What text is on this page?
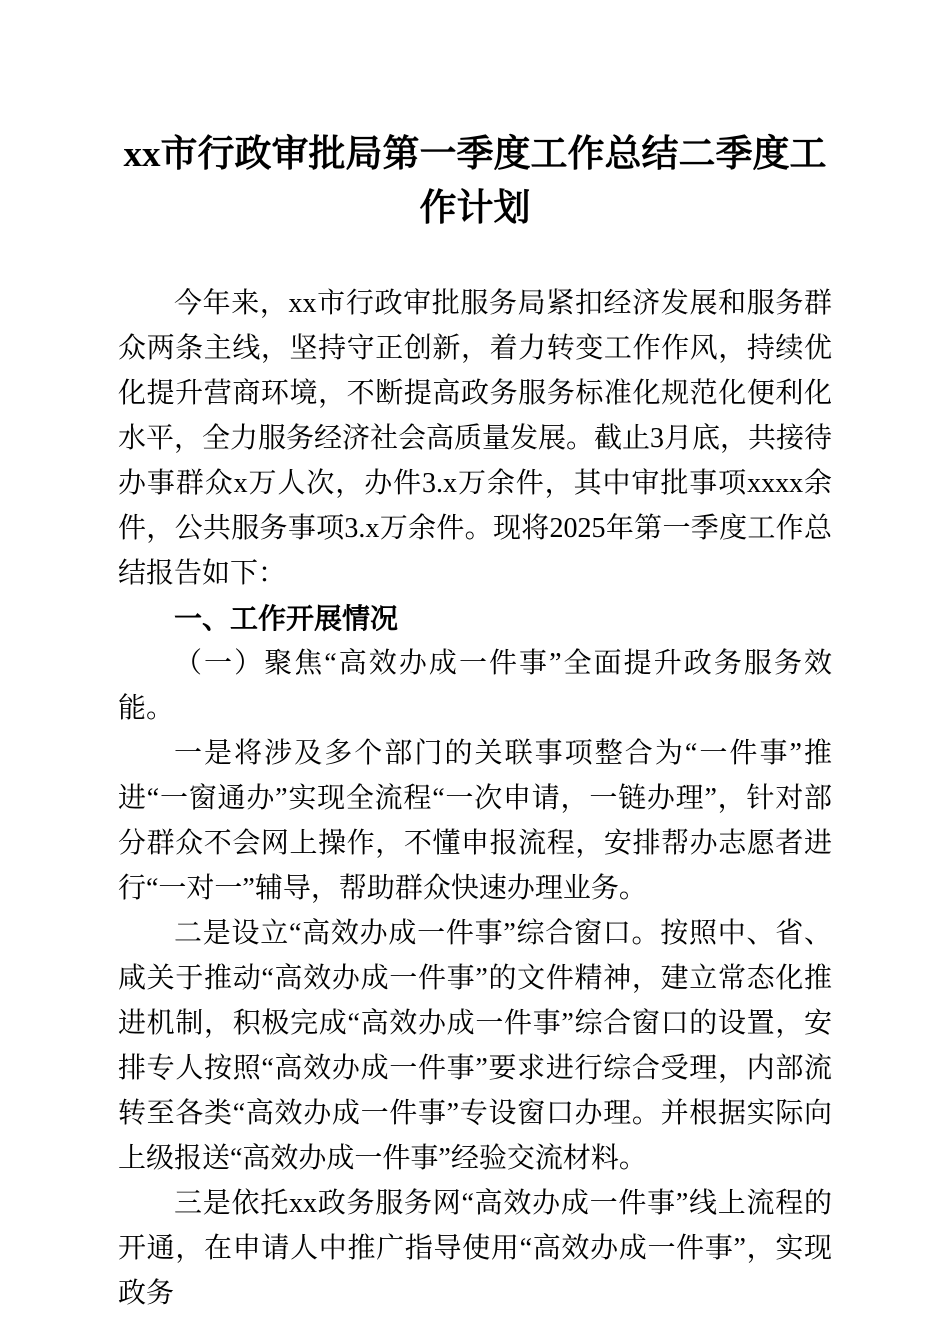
xx市行政审批局第一季度工作总结二季度工作计划

今年来，xx市行政审批服务局紧扣经济发展和服务群众两条主线，坚持守正创新，着力转变工作作风，持续优化提升营商环境，不断提高政务服务标准化规范化便利化水平，全力服务经济社会高质量发展。截止3月底，共接待办事群众x万人次，办件3.x万余件，其中审批事项xxxx余件，公共服务事项3.x万余件。现将2025年第一季度工作总结报告如下：

一、工作开展情况

（一）聚焦“高效办成一件事”全面提升政务服务效能。

一是将涉及多个部门的关联事项整合为“一件事”推进“一窗通办”实现全流程“一次申请，一链办理”，针对部分群众不会网上操作，不懂申报流程，安排帮办志愿者进行“一对一”辅导，帮助群众快速办理业务。

二是设立“高效办成一件事”综合窗口。按照中、省、咸关于推动“高效办成一件事”的文件精神，建立常态化推进机制，积极完成“高效办成一件事”综合窗口的设置，安排专人按照“高效办成一件事”要求进行综合受理，内部流转至各类“高效办成一件事”专设窗口办理。并根据实际向上级报送“高效办成一件事”经验交流材料。

三是依托xx政务服务网“高效办成一件事”线上流程的开通，在申请人中推广指导使用“高效办成一件事”，实现政务
